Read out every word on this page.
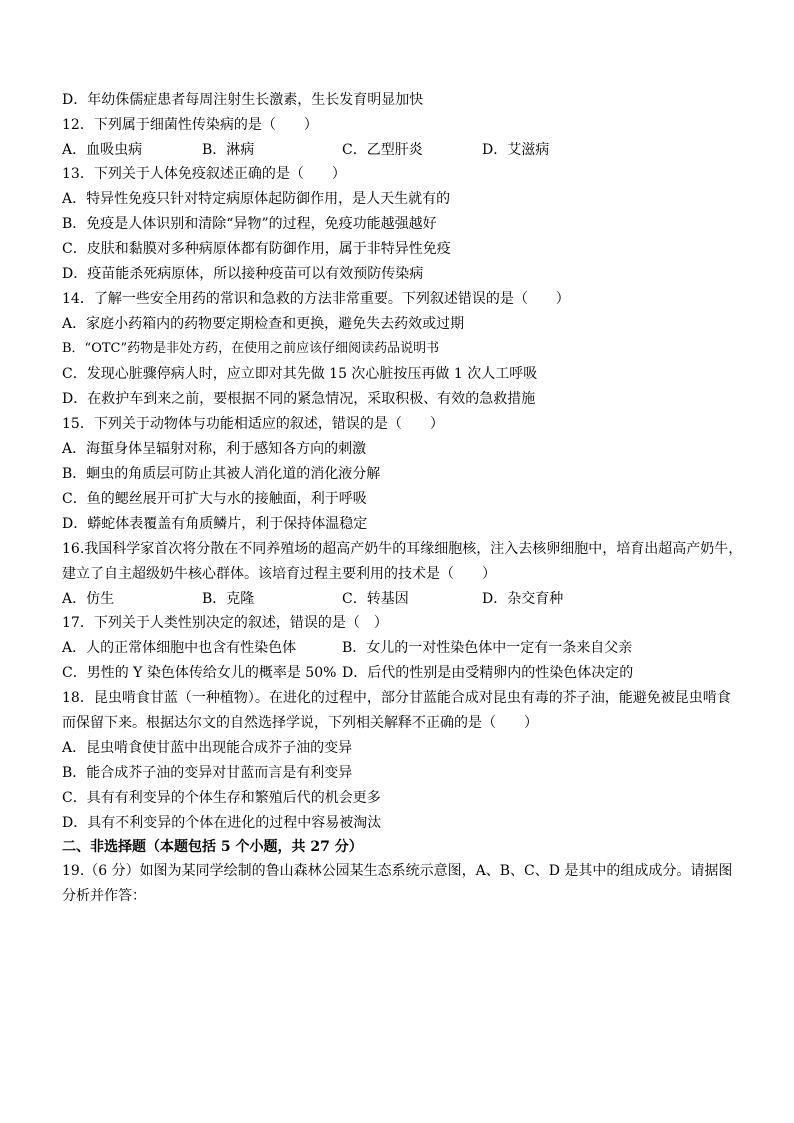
D．年幼侏儒症患者每周注射生长激素，生长发育明显加快
12．下列属于细菌性传染病的是（　　）
A．血吸虫病	B．淋病	C．乙型肝炎	D．艾滋病
13．下列关于人体免疫叙述正确的是（　　）
A．特异性免疫只针对特定病原体起防御作用，是人天生就有的
B．免疫是人体识别和清除“异物”的过程，免疫功能越强越好
C．皮肤和黏膜对多种病原体都有防御作用，属于非特异性免疫
D．疫苗能杀死病原体，所以接种疫苗可以有效预防传染病
14．了解一些安全用药的常识和急救的方法非常重要。下列叙述错误的是（　　）
A．家庭小药箱内的药物要定期检查和更换，避免失去药效或过期
B．“OTC”药物是非处方药，在使用之前应该仔细阅读药品说明书
C．发现心脏骤停病人时，应立即对其先做 15 次心脏按压再做 1 次人工呼吸
D．在救护车到来之前，要根据不同的紧急情况，采取积极、有效的急救措施
15．下列关于动物体与功能相适应的叙述，错误的是（　　）
A．海蜇身体呈辐射对称，利于感知各方向的刺激
B．蛔虫的角质层可防止其被人消化道的消化液分解
C．鱼的鳃丝展开可扩大与水的接触面，利于呼吸
D．蟒蛇体表覆盖有角质鳞片，利于保持体温稳定
16.我国科学家首次将分散在不同养殖场的超高产奶牛的耳缘细胞核，注入去核卵细胞中，培育出超高产奶牛，
建立了自主超级奶牛核心群体。该培育过程主要利用的技术是（　　）
A．仿生	B．克隆	C．转基因	D．杂交育种
17．下列关于人类性别决定的叙述，错误的是（　）
A．人的正常体细胞中也含有性染色体	B．女儿的一对性染色体中一定有一条来自父亲
C．男性的 Y 染色体传给女儿的概率是 50% D．后代的性别是由受精卵内的性染色体决定的
18．昆虫啃食甘蓝（一种植物）。在进化的过程中，部分甘蓝能合成对昆虫有毒的芥子油，能避免被昆虫啃食
而保留下来。根据达尔文的自然选择学说，下列相关解释不正确的是（　　）
A．昆虫啃食使甘蓝中出现能合成芥子油的变异
B．能合成芥子油的变异对甘蓝而言是有利变异
C．具有有利变异的个体生存和繁殖后代的机会更多
D．具有不利变异的个体在进化的过程中容易被淘汰
二、非选择题（本题包括 5 个小题，共 27 分）
19.（6 分）如图为某同学绘制的鲁山森林公园某生态系统示意图，A、B、C、D 是其中的组成成分。请据图
分析并作答：
